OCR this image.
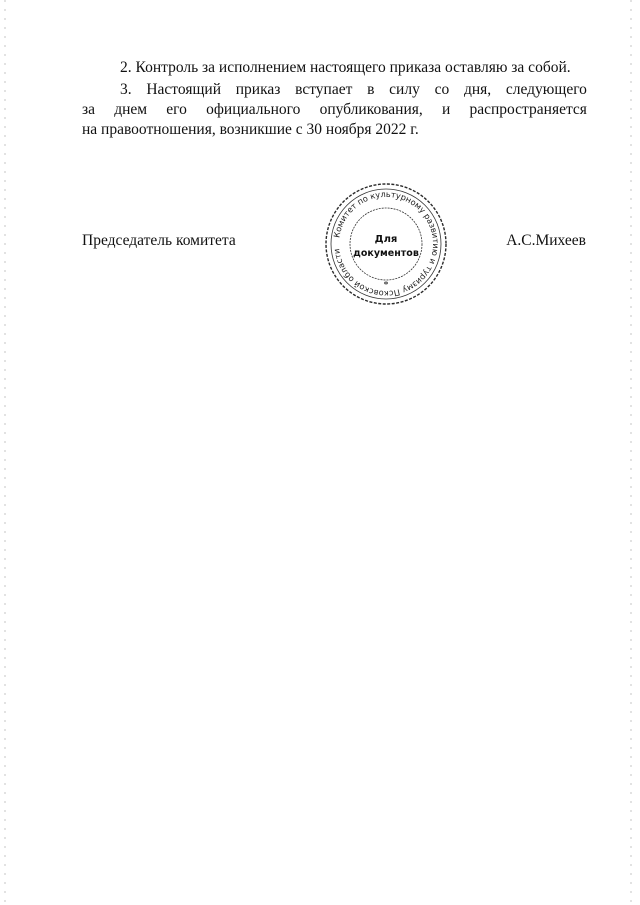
2. Контроль за исполнением настоящего приказа оставляю за собой.

3. Настоящий приказ вступает в силу со дня, следующего
за днем его официального опубликования, и распространяется
на правоотношения, возникшие с 30 ноября 2022 г.
Председатель комитета	А.С.Михеев
Комитет по культурному развитию и туризму Псковской области
Для
документов
*
